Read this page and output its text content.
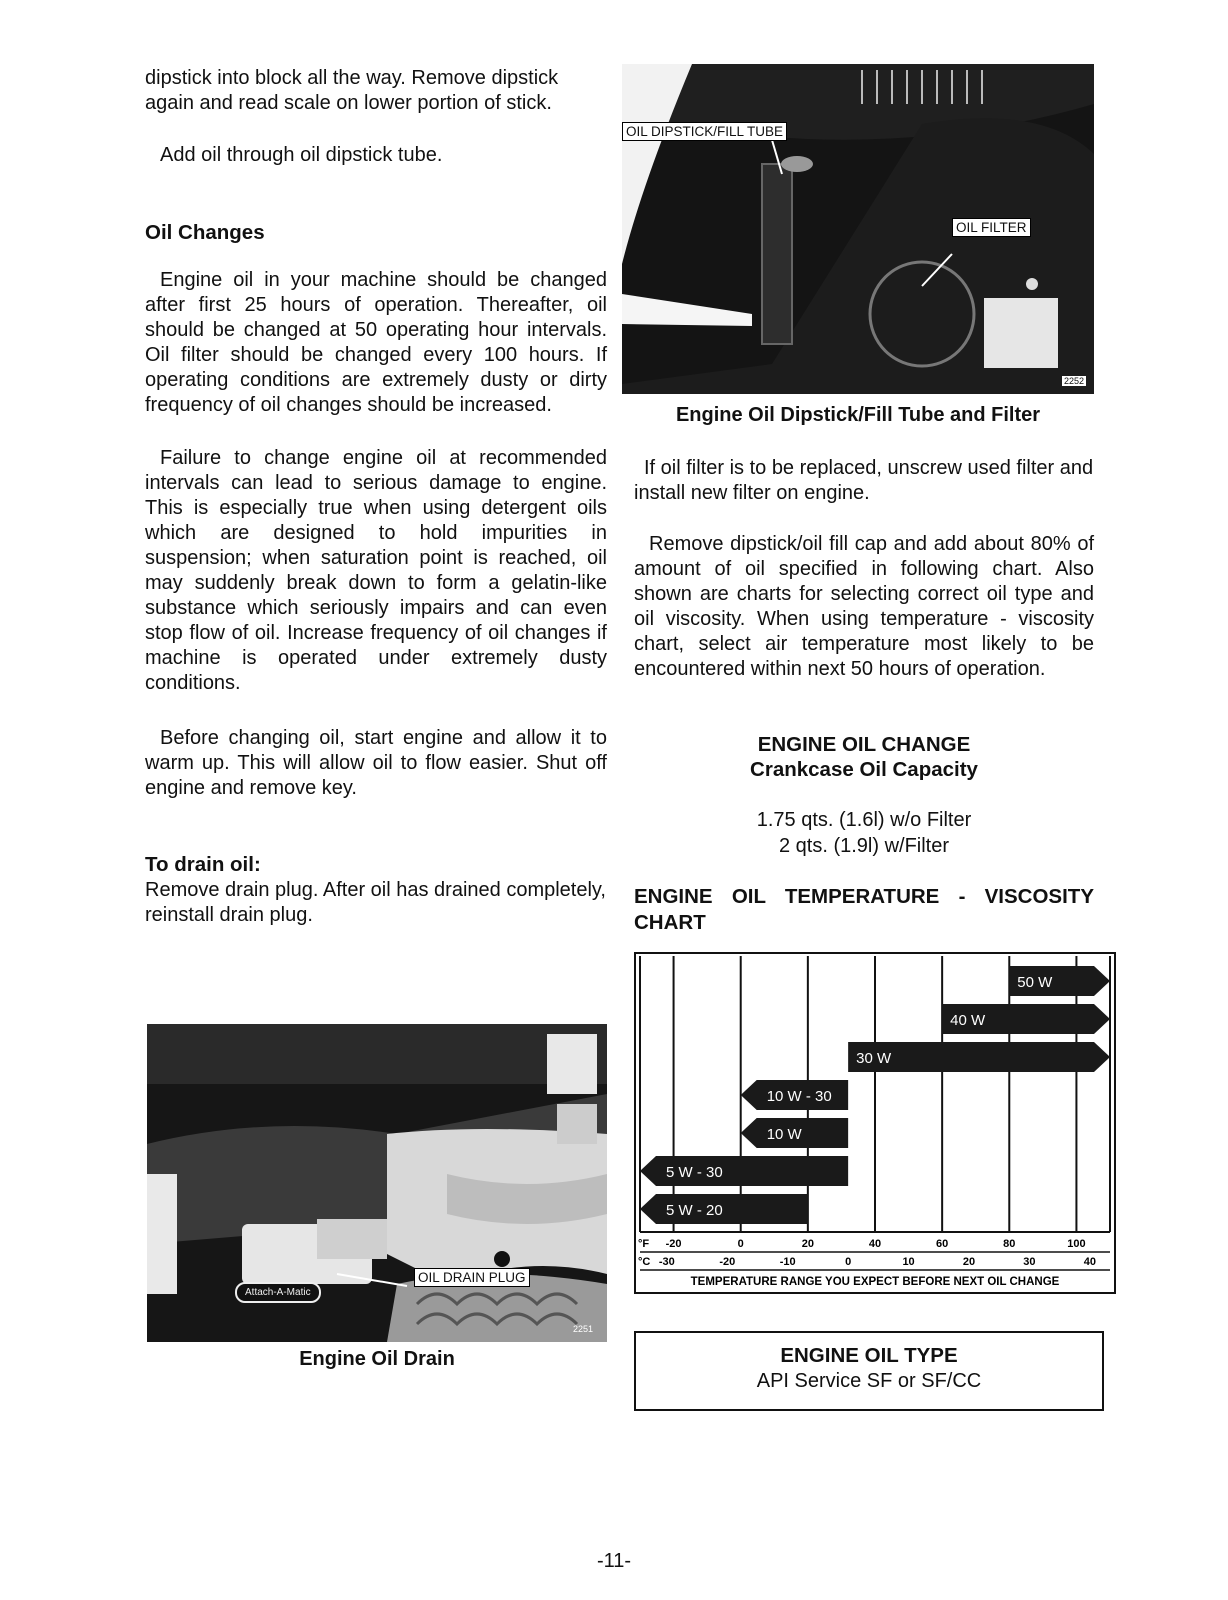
dipstick into block all the way. Remove dipstick again and read scale on lower portion of stick.

Add oil through oil dipstick tube.

Oil Changes

Engine oil in your machine should be changed after first 25 hours of operation. Thereafter, oil should be changed at 50 operating hour intervals. Oil filter should be changed every 100 hours. If operating conditions are extremely dusty or dirty frequency of oil changes should be increased.

Failure to change engine oil at recommended intervals can lead to serious damage to engine. This is especially true when using detergent oils which are designed to hold impurities in suspension; when saturation point is reached, oil may suddenly break down to form a gelatin-like substance which seriously impairs and can even stop flow of oil. Increase frequency of oil changes if machine is operated under extremely dusty conditions.

Before changing oil, start engine and allow it to warm up. This will allow oil to flow easier. Shut off engine and remove key.

To drain oil:

Remove drain plug. After oil has drained completely, reinstall drain plug.

Attach-A-Matic
OIL DRAIN PLUG
2251
Engine Oil Drain
OIL DIPSTICK/FILL TUBE
OIL FILTER
2252
Engine Oil Dipstick/Fill Tube and Filter

If oil filter is to be replaced, unscrew used filter and install new filter on engine.

Remove dipstick/oil fill cap and add about 80% of amount of oil specified in following chart. Also shown are charts for selecting correct oil type and oil viscosity. When using temperature - viscosity chart, select air temperature most likely to be encountered within next 50 hours of operation.

ENGINE OIL CHANGE
Crankcase Oil Capacity
1.75 qts. (1.6l) w/o Filter
2 qts. (1.9l) w/Filter
ENGINE OIL TEMPERATURE - VISCOSITY CHART
50 W
40 W
30 W
10 W - 30
10 W
5 W - 30
5 W - 20
°F
°C
-20	0	20	40	60	80	100
-30	-20	-10	0	10	20	30	40
TEMPERATURE RANGE YOU EXPECT BEFORE NEXT OIL CHANGE
ENGINE OIL TYPE
API Service SF or SF/CC
-11-
